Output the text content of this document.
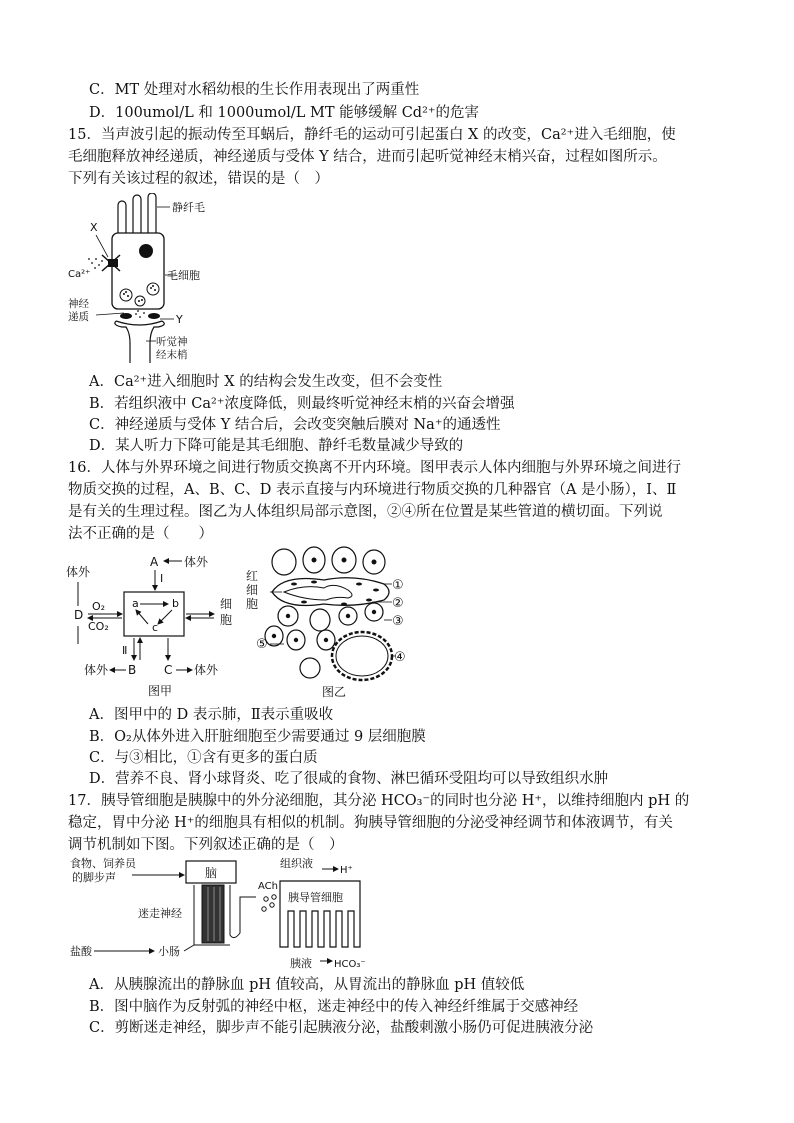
C．MT 处理对水稻幼根的生长作用表现出了两重性
D．100umol/L 和 1000umol/L MT 能够缓解 Cd²⁺的危害
15．当声波引起的振动传至耳蜗后，静纤毛的运动可引起蛋白 X 的改变，Ca²⁺进入毛细胞，使
毛细胞释放神经递质，神经递质与受体 Y 结合，进而引起听觉神经末梢兴奋，过程如图所示。
下列有关该过程的叙述，错误的是（　）
静纤毛
X
Ca²⁺	毛细胞
神经
递质	Y
听觉神
经末梢
A．Ca²⁺进入细胞时 X 的结构会发生改变，但不会变性
B．若组织液中 Ca²⁺浓度降低，则最终听觉神经末梢的兴奋会增强
C．神经递质与受体 Y 结合后，会改变突触后膜对 Na⁺的通透性
D．某人听力下降可能是其毛细胞、静纤毛数量减少导致的
16．人体与外界环境之间进行物质交换离不开内环境。图甲表示人体内细胞与外界环境之间进行
物质交换的过程，A、B、C、D 表示直接与内环境进行物质交换的几种器官（A 是小肠），Ⅰ、Ⅱ
是有关的生理过程。图乙为人体组织局部示意图，②④所在位置是某些管道的横切面。下列说
法不正确的是（　　）
A 体外
I
a	b
c
体外
D
O₂
CO₂
细
胞
Ⅱ
B
体外	C 体外
图甲
红
细
胞
①
②
③
④
⑤
图乙
A．图甲中的 D 表示肺，Ⅱ表示重吸收
B．O₂从体外进入肝脏细胞至少需要通过 9 层细胞膜
C．与③相比，①含有更多的蛋白质
D．营养不良、肾小球肾炎、吃了很咸的食物、淋巴循环受阻均可以导致组织水肿
17．胰导管细胞是胰腺中的外分泌细胞，其分泌 HCO₃⁻的同时也分泌 H⁺，以维持细胞内 pH 的
稳定，胃中分泌 H⁺的细胞具有相似的机制。狗胰导管细胞的分泌受神经调节和体液调节，有关
调节机制如下图。下列叙述正确的是（　）
食物、饲养员
的脚步声	脑
迷走神经
盐酸	小肠
ACh
组织液
H⁺
胰导管细胞
胰液 HCO₃⁻
A．从胰腺流出的静脉血 pH 值较高，从胃流出的静脉血 pH 值较低
B．图中脑作为反射弧的神经中枢，迷走神经中的传入神经纤维属于交感神经
C．剪断迷走神经，脚步声不能引起胰液分泌，盐酸刺激小肠仍可促进胰液分泌
